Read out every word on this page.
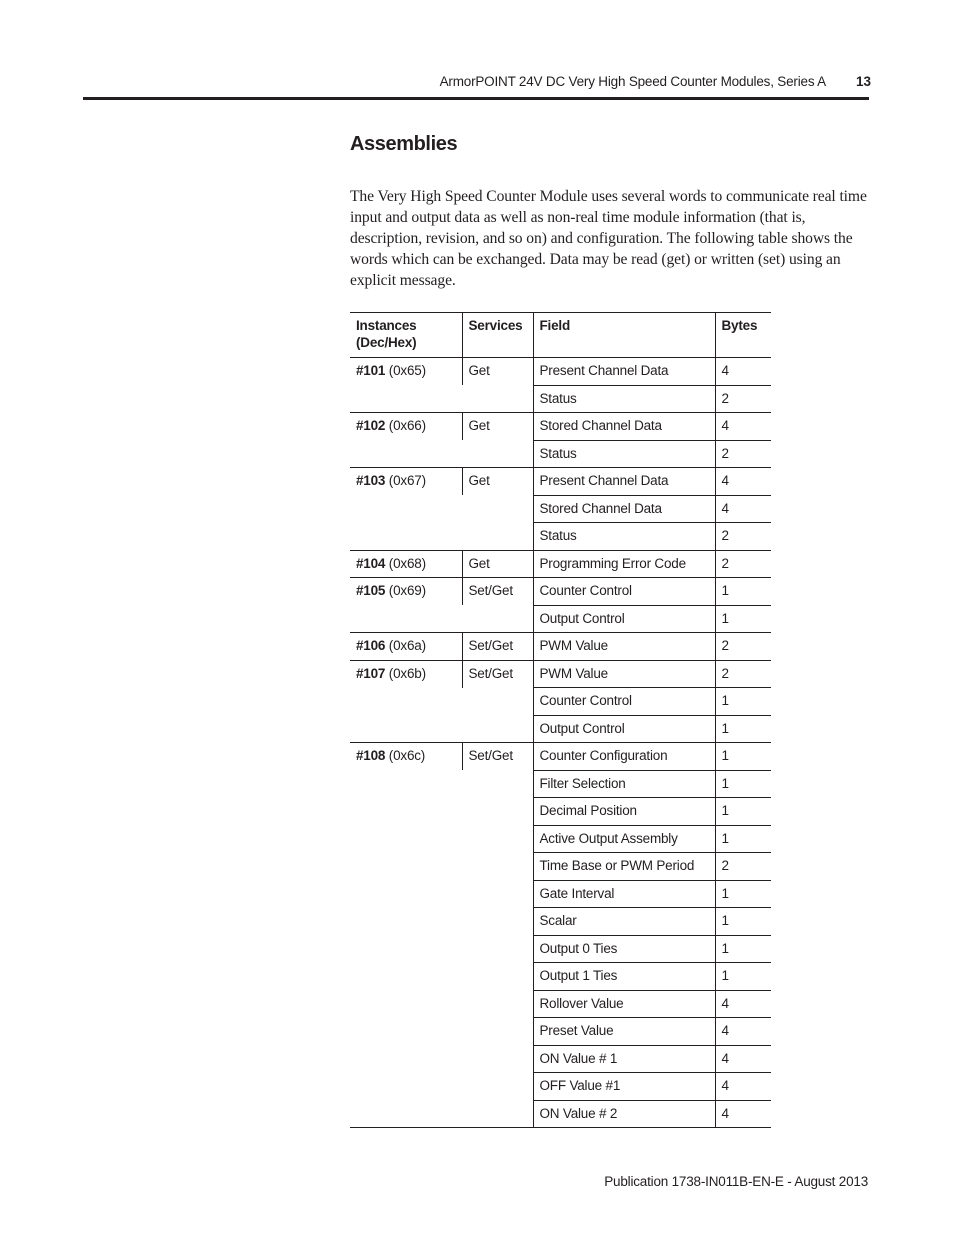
ArmorPOINT 24V DC Very High Speed Counter Modules, Series A 13
Assemblies

The Very High Speed Counter Module uses several words to communicate real time input and output data as well as non-real time module information (that is, description, revision, and so on) and configuration. The following table shows the words which can be exchanged. Data may be read (get) or written (set) using an explicit message.

Instances
(Dec/Hex)	Services	Field	Bytes
#101 (0x65)	Get	Present Channel Data	4
		Status	2
#102 (0x66)	Get	Stored Channel Data	4
		Status	2
#103 (0x67)	Get	Present Channel Data	4
		Stored Channel Data	4
		Status	2
#104 (0x68)	Get	Programming Error Code	2
#105 (0x69)	Set/Get	Counter Control	1
		Output Control	1
#106 (0x6a)	Set/Get	PWM Value	2
#107 (0x6b)	Set/Get	PWM Value	2
		Counter Control	1
		Output Control	1
#108 (0x6c)	Set/Get	Counter Configuration	1
		Filter Selection	1
		Decimal Position	1
		Active Output Assembly	1
		Time Base or PWM Period	2
		Gate Interval	1
		Scalar	1
		Output 0 Ties	1
		Output 1 Ties	1
		Rollover Value	4
		Preset Value	4
		ON Value # 1	4
		OFF Value #1	4
		ON Value # 2	4
Publication 1738-IN011B-EN-E - August 2013
